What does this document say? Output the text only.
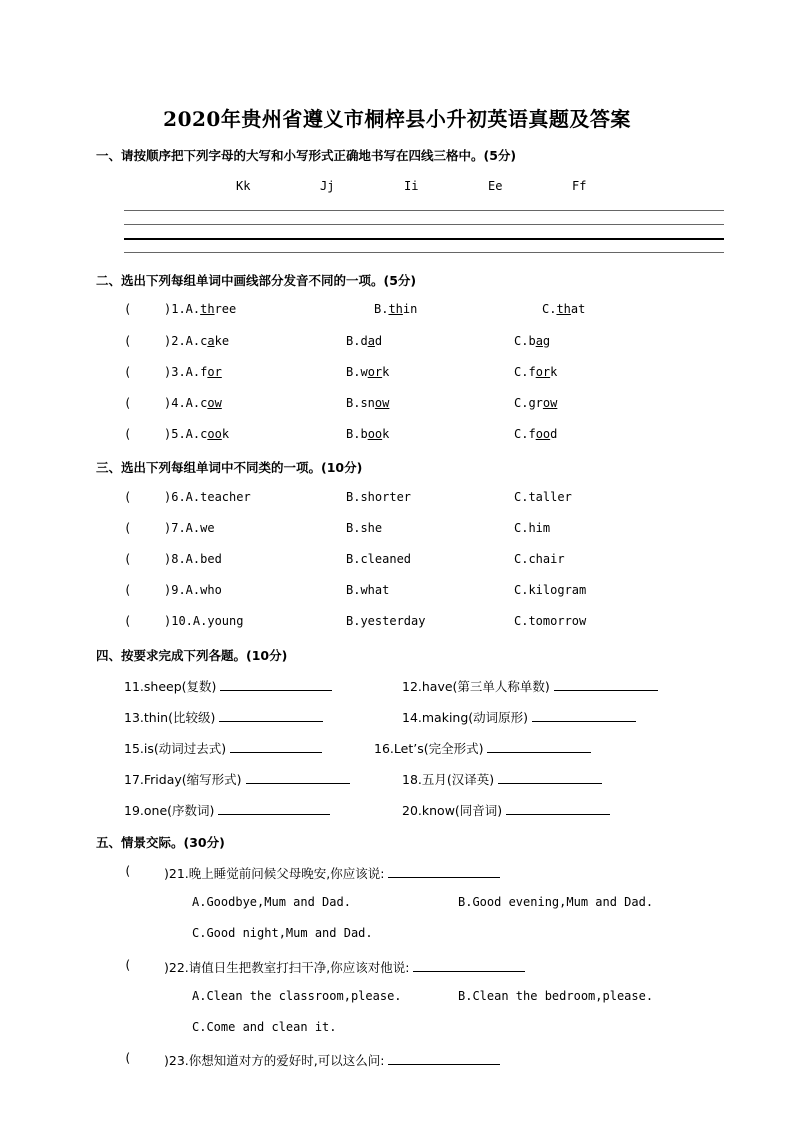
2020年贵州省遵义市桐梓县小升初英语真题及答案
一、请按顺序把下列字母的大写和小写形式正确地书写在四线三格中。(5分)
Kk	Jj	Ii	Ee	Ff
二、选出下列每组单词中画线部分发音不同的一项。(5分)
(	)1.A.three	B.thin	C.that
(	)2.A.cake	B.dad	C.bag
(	)3.A.for	B.work	C.fork
(	)4.A.cow	B.snow	C.grow
(	)5.A.cook	B.book	C.food
三、选出下列每组单词中不同类的一项。(10分)
(	)6.A.teacher	B.shorter	C.taller
(	)7.A.we	B.she	C.him
(	)8.A.bed	B.cleaned	C.chair
(	)9.A.who	B.what	C.kilogram
(	)10.A.young	B.yesterday	C.tomorrow
四、按要求完成下列各题。(10分)
11.sheep(复数)	12.have(第三单人称单数)
13.thin(比较级)	14.making(动词原形)
15.is(动词过去式)	16.Let’s(完全形式)
17.Friday(缩写形式)	18.五月(汉译英)
19.one(序数词)	20.know(同音词)
五、情景交际。(30分)
(	)21.晚上睡觉前问候父母晚安,你应该说:
A.Goodbye,Mum and Dad.	B.Good evening,Mum and Dad.
C.Good night,Mum and Dad.
(	)22.请值日生把教室打扫干净,你应该对他说:
A.Clean the classroom,please.	B.Clean the bedroom,please.
C.Come and clean it.
(	)23.你想知道对方的爱好时,可以这么问:
